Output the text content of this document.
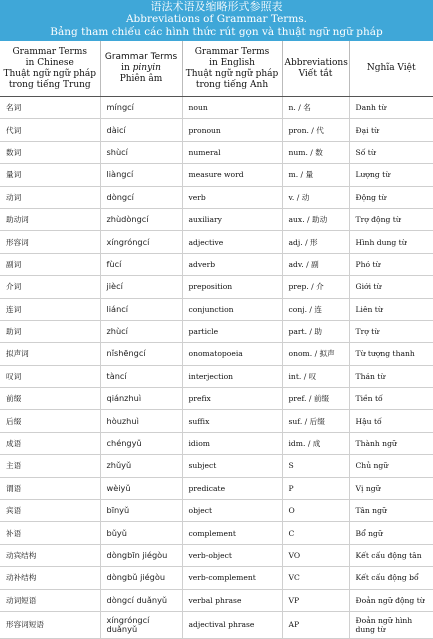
语法术语及缩略形式参照表
Abbreviations of Grammar Terms.
Bảng tham chiếu các hình thức rút gọn và thuật ngữ ngữ pháp
Grammar Terms
in Chinese
Thuật ngữ ngữ pháp
trong tiếng Trung	Grammar Terms
in pinyin
Phiên âm	Grammar Terms
in English
Thuật ngữ ngữ pháp
trong tiếng Anh	Abbreviations
Viết tắt	Nghĩa Việt
名词	míngcí	noun	n. / 名	Danh từ
代词	dàicí	pronoun	pron. / 代	Đại từ
数词	shùcí	numeral	num. / 数	Số từ
量词	liàngcí	measure word	m. / 量	Lượng từ
动词	dòngcí	verb	v. / 动	Động từ
助动词	zhùdòngcí	auxiliary	aux. / 助动	Trợ động từ
形容词	xíngróngcí	adjective	adj. / 形	Hình dung từ
副词	fùcí	adverb	adv. / 副	Phó từ
介词	jiècí	preposition	prep. / 介	Giới từ
连词	liáncí	conjunction	conj. / 连	Liên từ
助词	zhùcí	particle	part. / 助	Trợ từ
拟声词	nǐshēngcí	onomatopoeia	onom. / 拟声	Từ tượng thanh
叹词	tàncí	interjection	int. / 叹	Thán từ
前缀	qiánzhuì	prefix	pref. / 前缀	Tiền tố
后缀	hòuzhuì	suffix	suf. / 后缀	Hậu tố
成语	chéngyǔ	idiom	idm. / 成	Thành ngữ
主语	zhǔyǔ	subject	S	Chủ ngữ
谓语	wèiyǔ	predicate	P	Vị ngữ
宾语	bīnyǔ	object	O	Tân ngữ
补语	bǔyǔ	complement	C	Bổ ngữ
动宾结构	dòngbīn jiégòu	verb-object	VO	Kết cấu động tân
动补结构	dòngbǔ jiégòu	verb-complement	VC	Kết cấu động bổ
动词短语	dòngcí duǎnyǔ	verbal phrase	VP	Đoản ngữ động từ
形容词短语	xíngróngcí duǎnyǔ	adjectival phrase	AP	Đoản ngữ hình dung từ
